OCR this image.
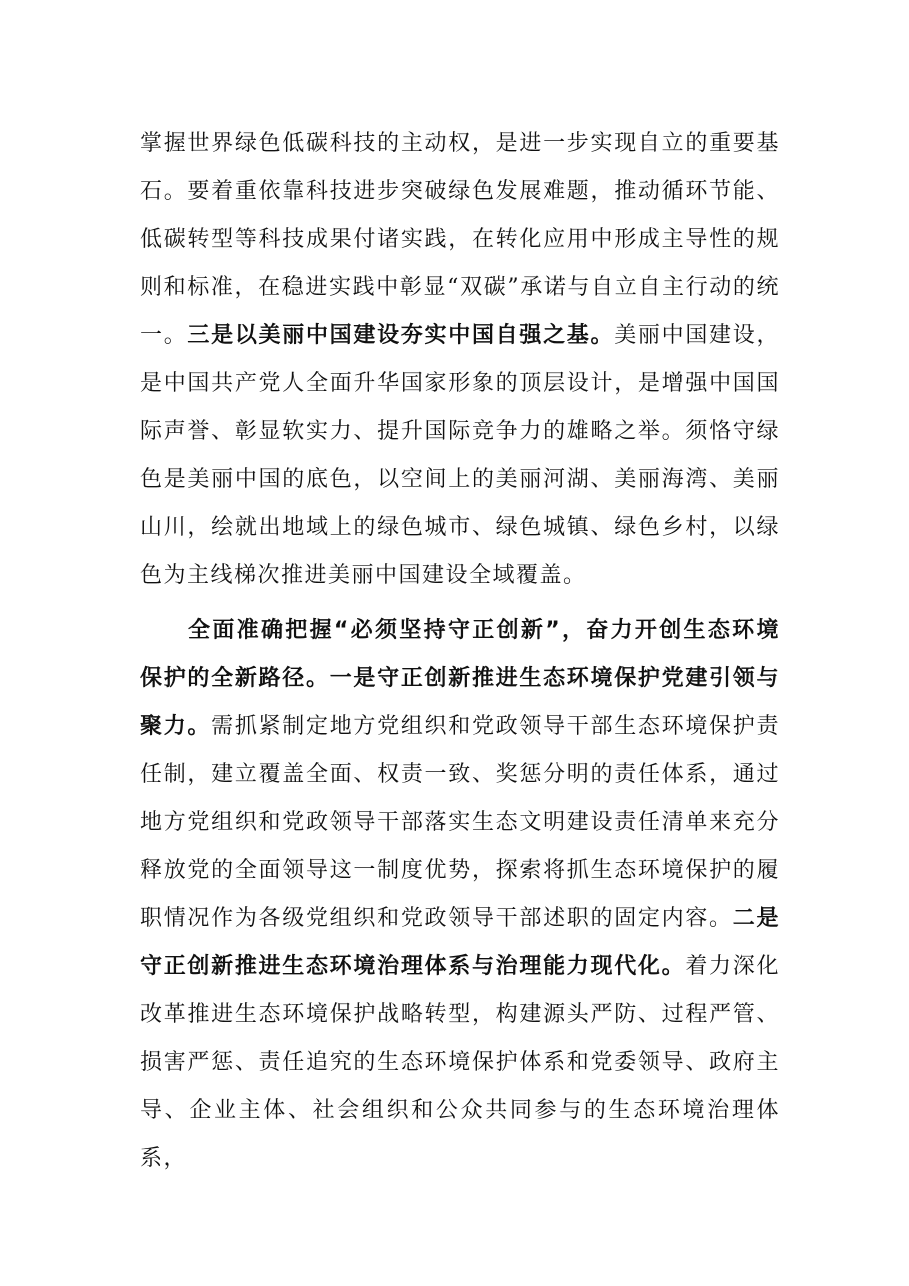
掌握世界绿色低碳科技的主动权，是进一步实现自立的重要基石。要着重依靠科技进步突破绿色发展难题，推动循环节能、低碳转型等科技成果付诸实践，在转化应用中形成主导性的规则和标准，在稳进实践中彰显“双碳”承诺与自立自主行动的统一。三是以美丽中国建设夯实中国自强之基。美丽中国建设，是中国共产党人全面升华国家形象的顶层设计，是增强中国国际声誉、彰显软实力、提升国际竞争力的雄略之举。须恪守绿色是美丽中国的底色，以空间上的美丽河湖、美丽海湾、美丽山川，绘就出地域上的绿色城市、绿色城镇、绿色乡村，以绿色为主线梯次推进美丽中国建设全域覆盖。

全面准确把握“必须坚持守正创新”，奋力开创生态环境保护的全新路径。一是守正创新推进生态环境保护党建引领与聚力。需抓紧制定地方党组织和党政领导干部生态环境保护责任制，建立覆盖全面、权责一致、奖惩分明的责任体系，通过地方党组织和党政领导干部落实生态文明建设责任清单来充分释放党的全面领导这一制度优势，探索将抓生态环境保护的履职情况作为各级党组织和党政领导干部述职的固定内容。二是守正创新推进生态环境治理体系与治理能力现代化。着力深化改革推进生态环境保护战略转型，构建源头严防、过程严管、损害严惩、责任追究的生态环境保护体系和党委领导、政府主导、企业主体、社会组织和公众共同参与的生态环境治理体系，
